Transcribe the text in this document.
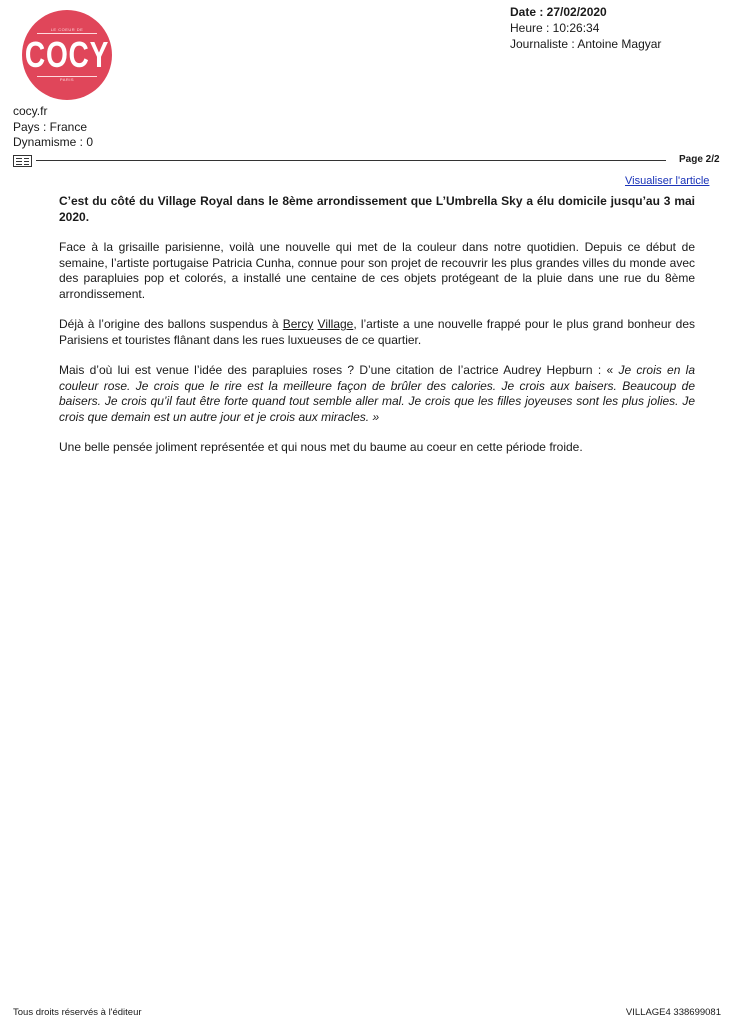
LE COEUR DE
COCY
PARIS
Date : 27/02/2020
Heure : 10:26:34
Journaliste : Antoine Magyar
cocy.fr
Pays : France
Dynamisme : 0
Page 2/2
Visualiser l'article

C’est du côté du Village Royal dans le 8ème arrondissement que L’Umbrella Sky a élu domicile jusqu’au 3 mai 2020.

Face à la grisaille parisienne, voilà une nouvelle qui met de la couleur dans notre quotidien. Depuis ce début de semaine, l’artiste portugaise Patricia Cunha, connue pour son projet de recouvrir les plus grandes villes du monde avec des parapluies pop et colorés, a installé une centaine de ces objets protégeant de la pluie dans une rue du 8ème arrondissement.

Déjà à l’origine des ballons suspendus à Bercy Village, l’artiste a une nouvelle frappé pour le plus grand bonheur des Parisiens et touristes flânant dans les rues luxueuses de ce quartier.

Mais d’où lui est venue l’idée des parapluies roses ? D’une citation de l’actrice Audrey Hepburn : « Je crois en la couleur rose. Je crois que le rire est la meilleure façon de brûler des calories. Je crois aux baisers. Beaucoup de baisers. Je crois qu’il faut être forte quand tout semble aller mal. Je crois que les filles joyeuses sont les plus jolies. Je crois que demain est un autre jour et je crois aux miracles. »

Une belle pensée joliment représentée et qui nous met du baume au coeur en cette période froide.

Tous droits réservés à l'éditeur	VILLAGE4 338699081
